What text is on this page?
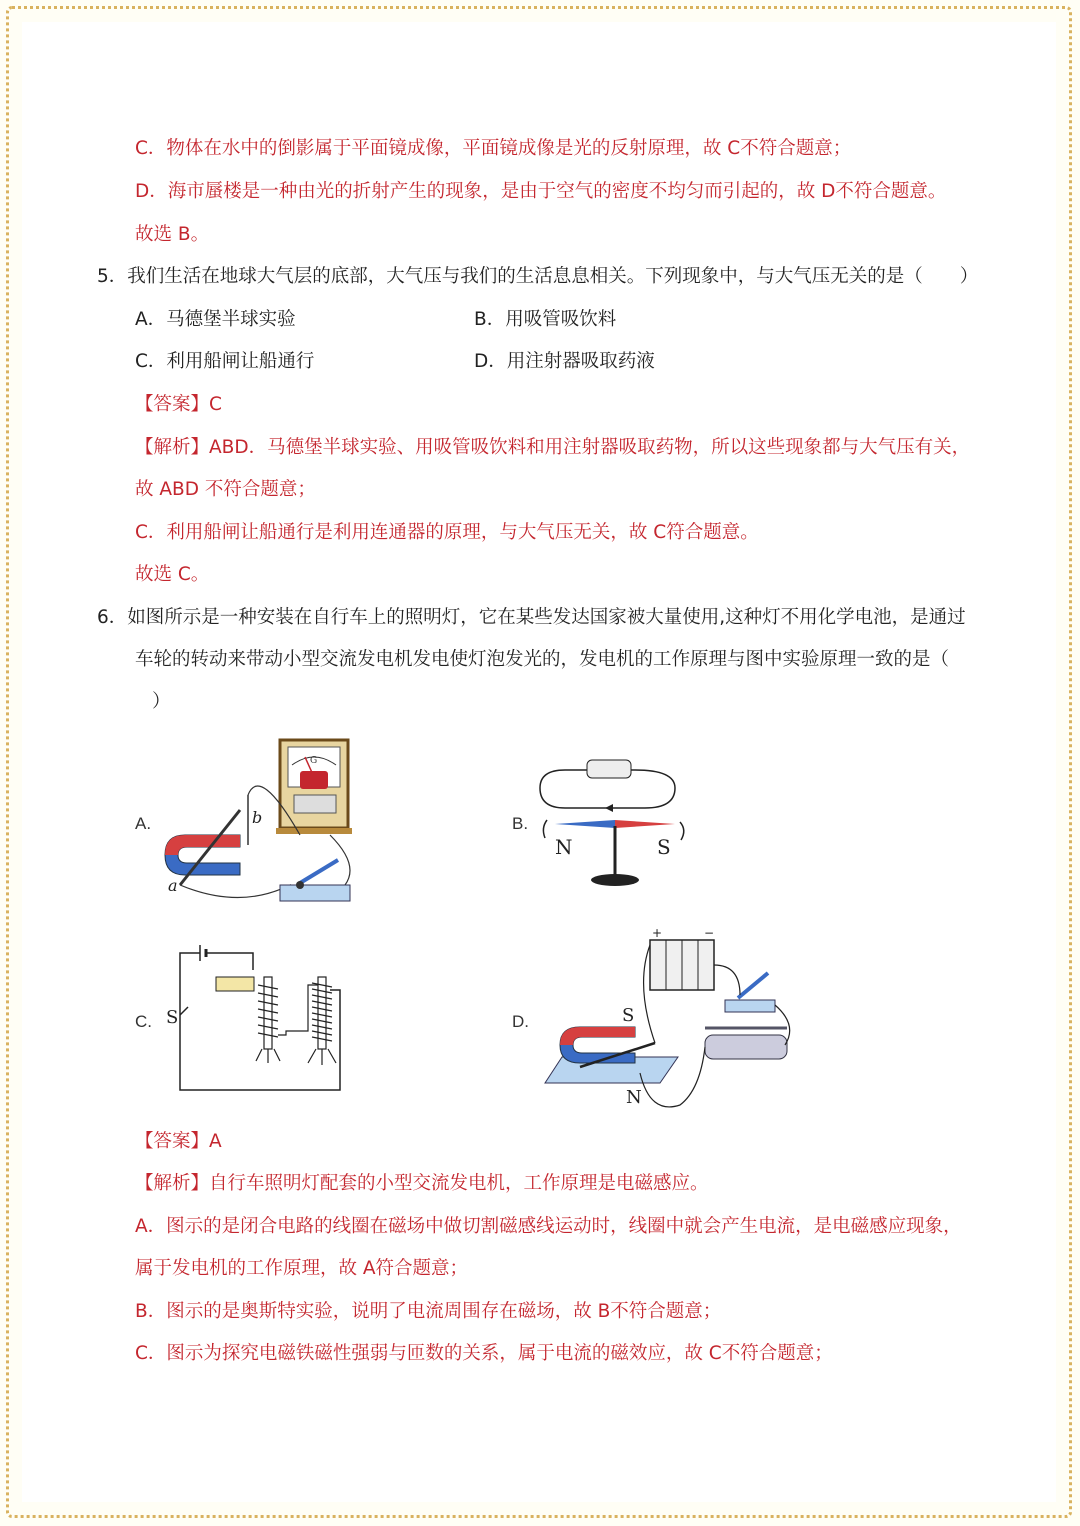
C．物体在水中的倒影属于平面镜成像，平面镜成像是光的反射原理，故 C不符合题意；
D．海市蜃楼是一种由光的折射产生的现象，是由于空气的密度不均匀而引起的，故 D不符合题意。
故选 B。
5．我们生活在地球大气层的底部，大气压与我们的生活息息相关。下列现象中，与大气压无关的是（　　）
A．马德堡半球实验	B．用吸管吸饮料
C．利用船闸让船通行	D．用注射器吸取药液
【答案】C
【解析】ABD．马德堡半球实验、用吸管吸饮料和用注射器吸取药物，所以这些现象都与大气压有关，
故 ABD 不符合题意；
C．利用船闸让船通行是利用连通器的原理，与大气压无关，故 C符合题意。
故选 C。
6．如图所示是一种安装在自行车上的照明灯，它在某些发达国家被大量使用,这种灯不用化学电池，是通过
车轮的转动来带动小型交流发电机发电使灯泡发光的，发电机的工作原理与图中实验原理一致的是（
）
A.	B.
C.	D.
G
b
a
N	S
S
+	−
S
N
【答案】A
【解析】自行车照明灯配套的小型交流发电机，工作原理是电磁感应。
A．图示的是闭合电路的线圈在磁场中做切割磁感线运动时，线圈中就会产生电流，是电磁感应现象，
属于发电机的工作原理，故 A符合题意；
B．图示的是奥斯特实验，说明了电流周围存在磁场，故 B不符合题意；
C．图示为探究电磁铁磁性强弱与匝数的关系，属于电流的磁效应，故 C不符合题意；
